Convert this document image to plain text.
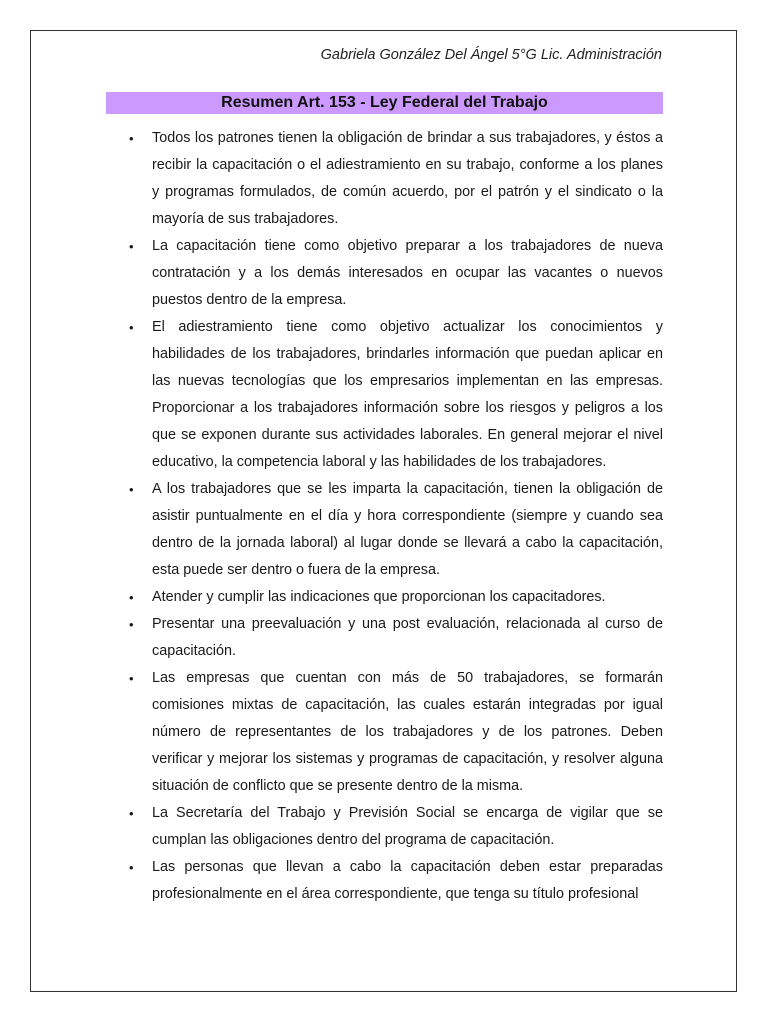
Gabriela González Del Ángel 5°G Lic. Administración
Resumen Art. 153 - Ley Federal del Trabajo
• Todos los patrones tienen la obligación de brindar a sus trabajadores, y éstos a recibir la capacitación o el adiestramiento en su trabajo, conforme a los planes y programas formulados, de común acuerdo, por el patrón y el sindicato o la mayoría de sus trabajadores.
• La capacitación tiene como objetivo preparar a los trabajadores de nueva contratación y a los demás interesados en ocupar las vacantes o nuevos puestos dentro de la empresa.
• El adiestramiento tiene como objetivo actualizar los conocimientos y habilidades de los trabajadores, brindarles información que puedan aplicar en las nuevas tecnologías que los empresarios implementan en las empresas. Proporcionar a los trabajadores información sobre los riesgos y peligros a los que se exponen durante sus actividades laborales. En general mejorar el nivel educativo, la competencia laboral y las habilidades de los trabajadores.
• A los trabajadores que se les imparta la capacitación, tienen la obligación de asistir puntualmente en el día y hora correspondiente (siempre y cuando sea dentro de la jornada laboral) al lugar donde se llevará a cabo la capacitación, esta puede ser dentro o fuera de la empresa.
• Atender y cumplir las indicaciones que proporcionan los capacitadores.
• Presentar una preevaluación y una post evaluación, relacionada al curso de capacitación.
• Las empresas que cuentan con más de 50 trabajadores, se formarán comisiones mixtas de capacitación, las cuales estarán integradas por igual número de representantes de los trabajadores y de los patrones. Deben verificar y mejorar los sistemas y programas de capacitación, y resolver alguna situación de conflicto que se presente dentro de la misma.
• La Secretaría del Trabajo y Previsión Social se encarga de vigilar que se cumplan las obligaciones dentro del programa de capacitación.
• Las personas que llevan a cabo la capacitación deben estar preparadas profesionalmente en el área correspondiente, que tenga su título profesional
